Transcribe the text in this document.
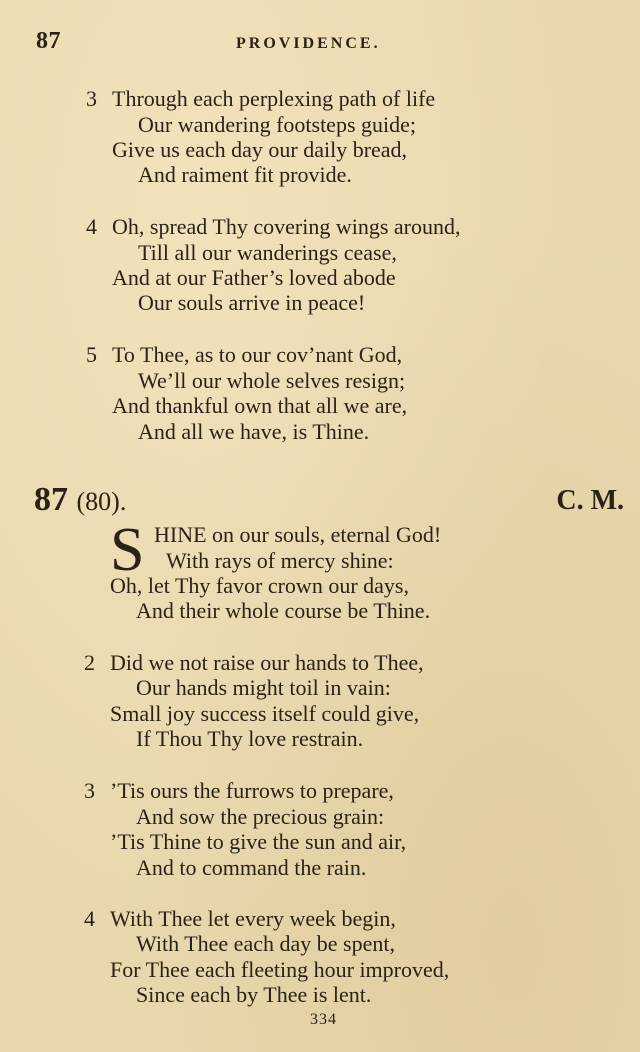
87	PROVIDENCE.
3 Through each perplexing path of life
Our wandering footsteps guide;
Give us each day our daily bread,
And raiment fit provide.
4 Oh, spread Thy covering wings around,
Till all our wanderings cease,
And at our Father’s loved abode
Our souls arrive in peace!
5 To Thee, as to our cov’nant God,
We’ll our whole selves resign;
And thankful own that all we are,
And all we have, is Thine.
87 (80).	C. M.
S HINE on our souls, eternal God!
With rays of mercy shine:
Oh, let Thy favor crown our days,
And their whole course be Thine.
2 Did we not raise our hands to Thee,
Our hands might toil in vain:
Small joy success itself could give,
If Thou Thy love restrain.
3 ’Tis ours the furrows to prepare,
And sow the precious grain:
’Tis Thine to give the sun and air,
And to command the rain.
4 With Thee let every week begin,
With Thee each day be spent,
For Thee each fleeting hour improved,
Since each by Thee is lent.
334
